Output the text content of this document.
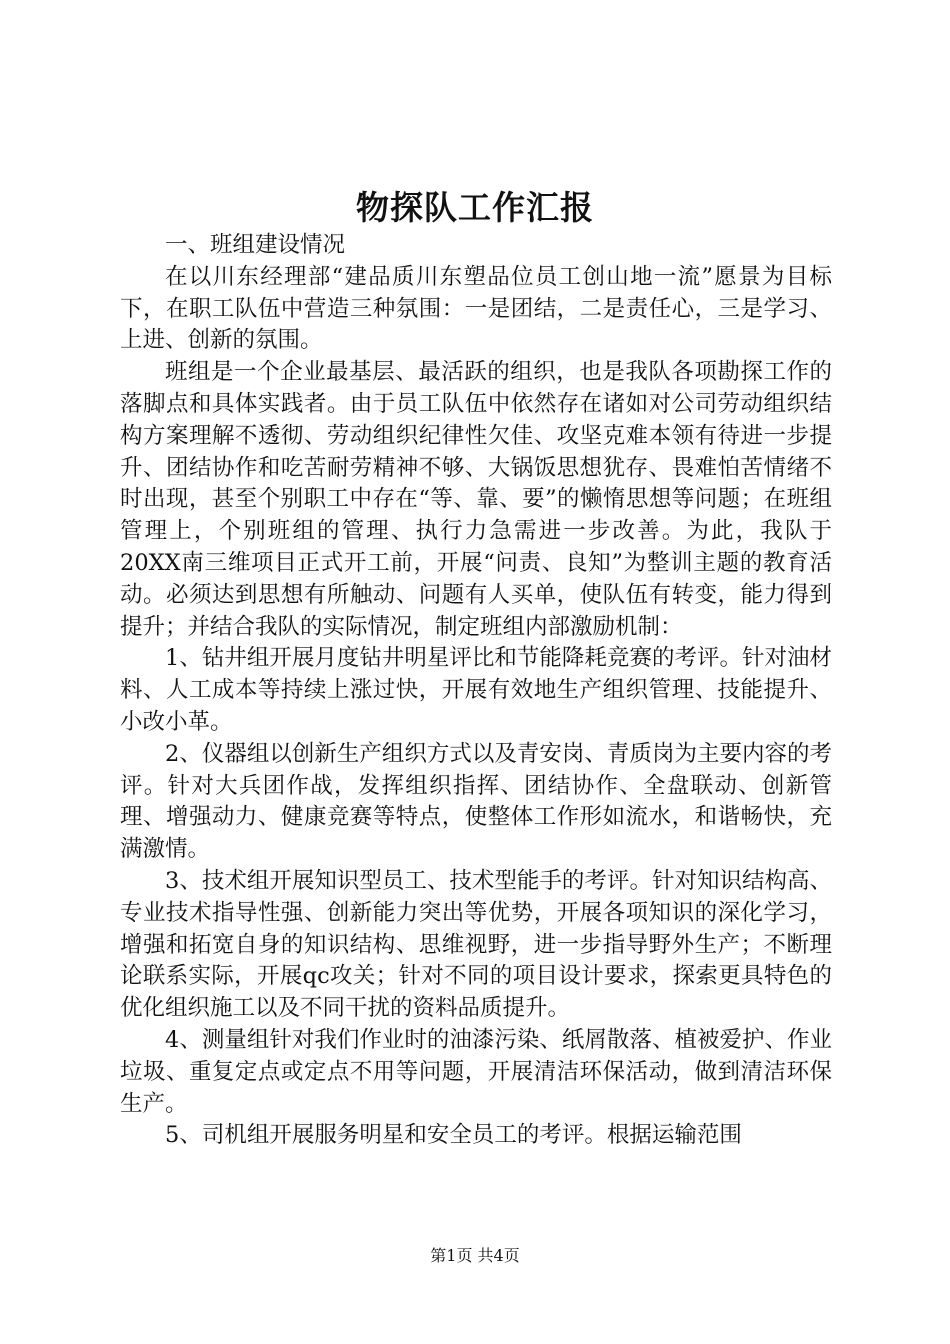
物探队工作汇报

一、班组建设情况

在以川东经理部“建品质川东塑品位员工创山地一流”愿景为目标下，在职工队伍中营造三种氛围：一是团结，二是责任心，三是学习、上进、创新的氛围。

班组是一个企业最基层、最活跃的组织，也是我队各项勘探工作的落脚点和具体实践者。由于员工队伍中依然存在诸如对公司劳动组织结构方案理解不透彻、劳动组织纪律性欠佳、攻坚克难本领有待进一步提升、团结协作和吃苦耐劳精神不够、大锅饭思想犹存、畏难怕苦情绪不时出现，甚至个别职工中存在“等、靠、要”的懒惰思想等问题；在班组管理上，个别班组的管理、执行力急需进一步改善。为此，我队于20XX南三维项目正式开工前，开展“问责、良知”为整训主题的教育活动。必须达到思想有所触动、问题有人买单，使队伍有转变，能力得到提升；并结合我队的实际情况，制定班组内部激励机制：

1、钻井组开展月度钻井明星评比和节能降耗竞赛的考评。针对油材料、人工成本等持续上涨过快，开展有效地生产组织管理、技能提升、小改小革。

2、仪器组以创新生产组织方式以及青安岗、青质岗为主要内容的考评。针对大兵团作战，发挥组织指挥、团结协作、全盘联动、创新管理、增强动力、健康竞赛等特点，使整体工作形如流水，和谐畅快，充满激情。

3、技术组开展知识型员工、技术型能手的考评。针对知识结构高、专业技术指导性强、创新能力突出等优势，开展各项知识的深化学习，增强和拓宽自身的知识结构、思维视野，进一步指导野外生产；不断理论联系实际，开展qc攻关；针对不同的项目设计要求，探索更具特色的优化组织施工以及不同干扰的资料品质提升。

4、测量组针对我们作业时的油漆污染、纸屑散落、植被爱护、作业垃圾、重复定点或定点不用等问题，开展清洁环保活动，做到清洁环保生产。

5、司机组开展服务明星和安全员工的考评。根据运输范围

第1页 共4页
